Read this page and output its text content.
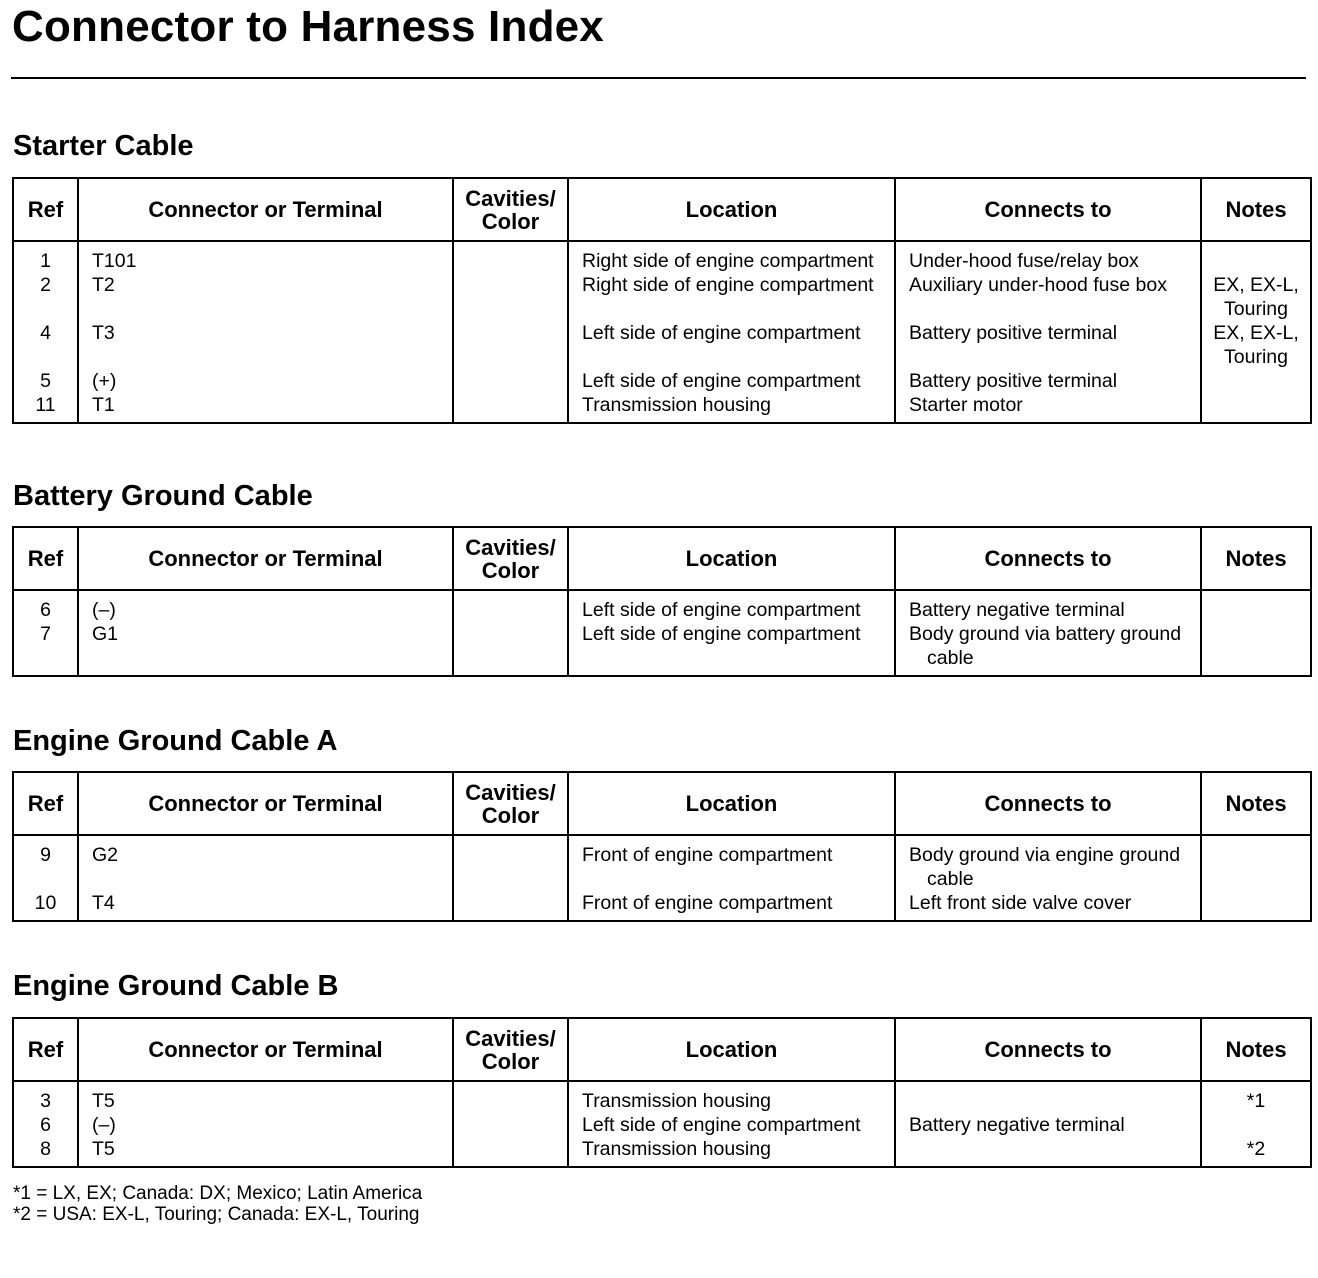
Connector to Harness Index
Starter Cable
Ref	Connector or Terminal	Cavities/
Color	Location	Connects to	Notes
1	T101		Right side of engine compartment	Under-hood fuse/relay box	

2	T2		Right side of engine compartment	Auxiliary under-hood fuse box	EX, EX-L, Touring
4	T3		Left side of engine compartment	Battery positive terminal	EX, EX-L, Touring
5	(+)		Left side of engine compartment	Battery positive terminal	

11	T1		Transmission housing	Starter motor	

Battery Ground Cable
Ref	Connector or Terminal	Cavities/
Color	Location	Connects to	Notes
6	(–)		Left side of engine compartment	Battery negative terminal	

7	G1		Left side of engine compartment	Body ground via battery ground cable	

Engine Ground Cable A
Ref	Connector or Terminal	Cavities/
Color	Location	Connects to	Notes
9	G2		Front of engine compartment	Body ground via engine ground cable	

10	T4		Front of engine compartment	Left front side valve cover	

Engine Ground Cable B
Ref	Connector or Terminal	Cavities/
Color	Location	Connects to	Notes
3	T5		Transmission housing		*1
6	(–)		Left side of engine compartment	Battery negative terminal	

8	T5		Transmission housing		*2
*1 = LX, EX; Canada: DX; Mexico; Latin America
*2 = USA: EX-L, Touring; Canada: EX-L, Touring
